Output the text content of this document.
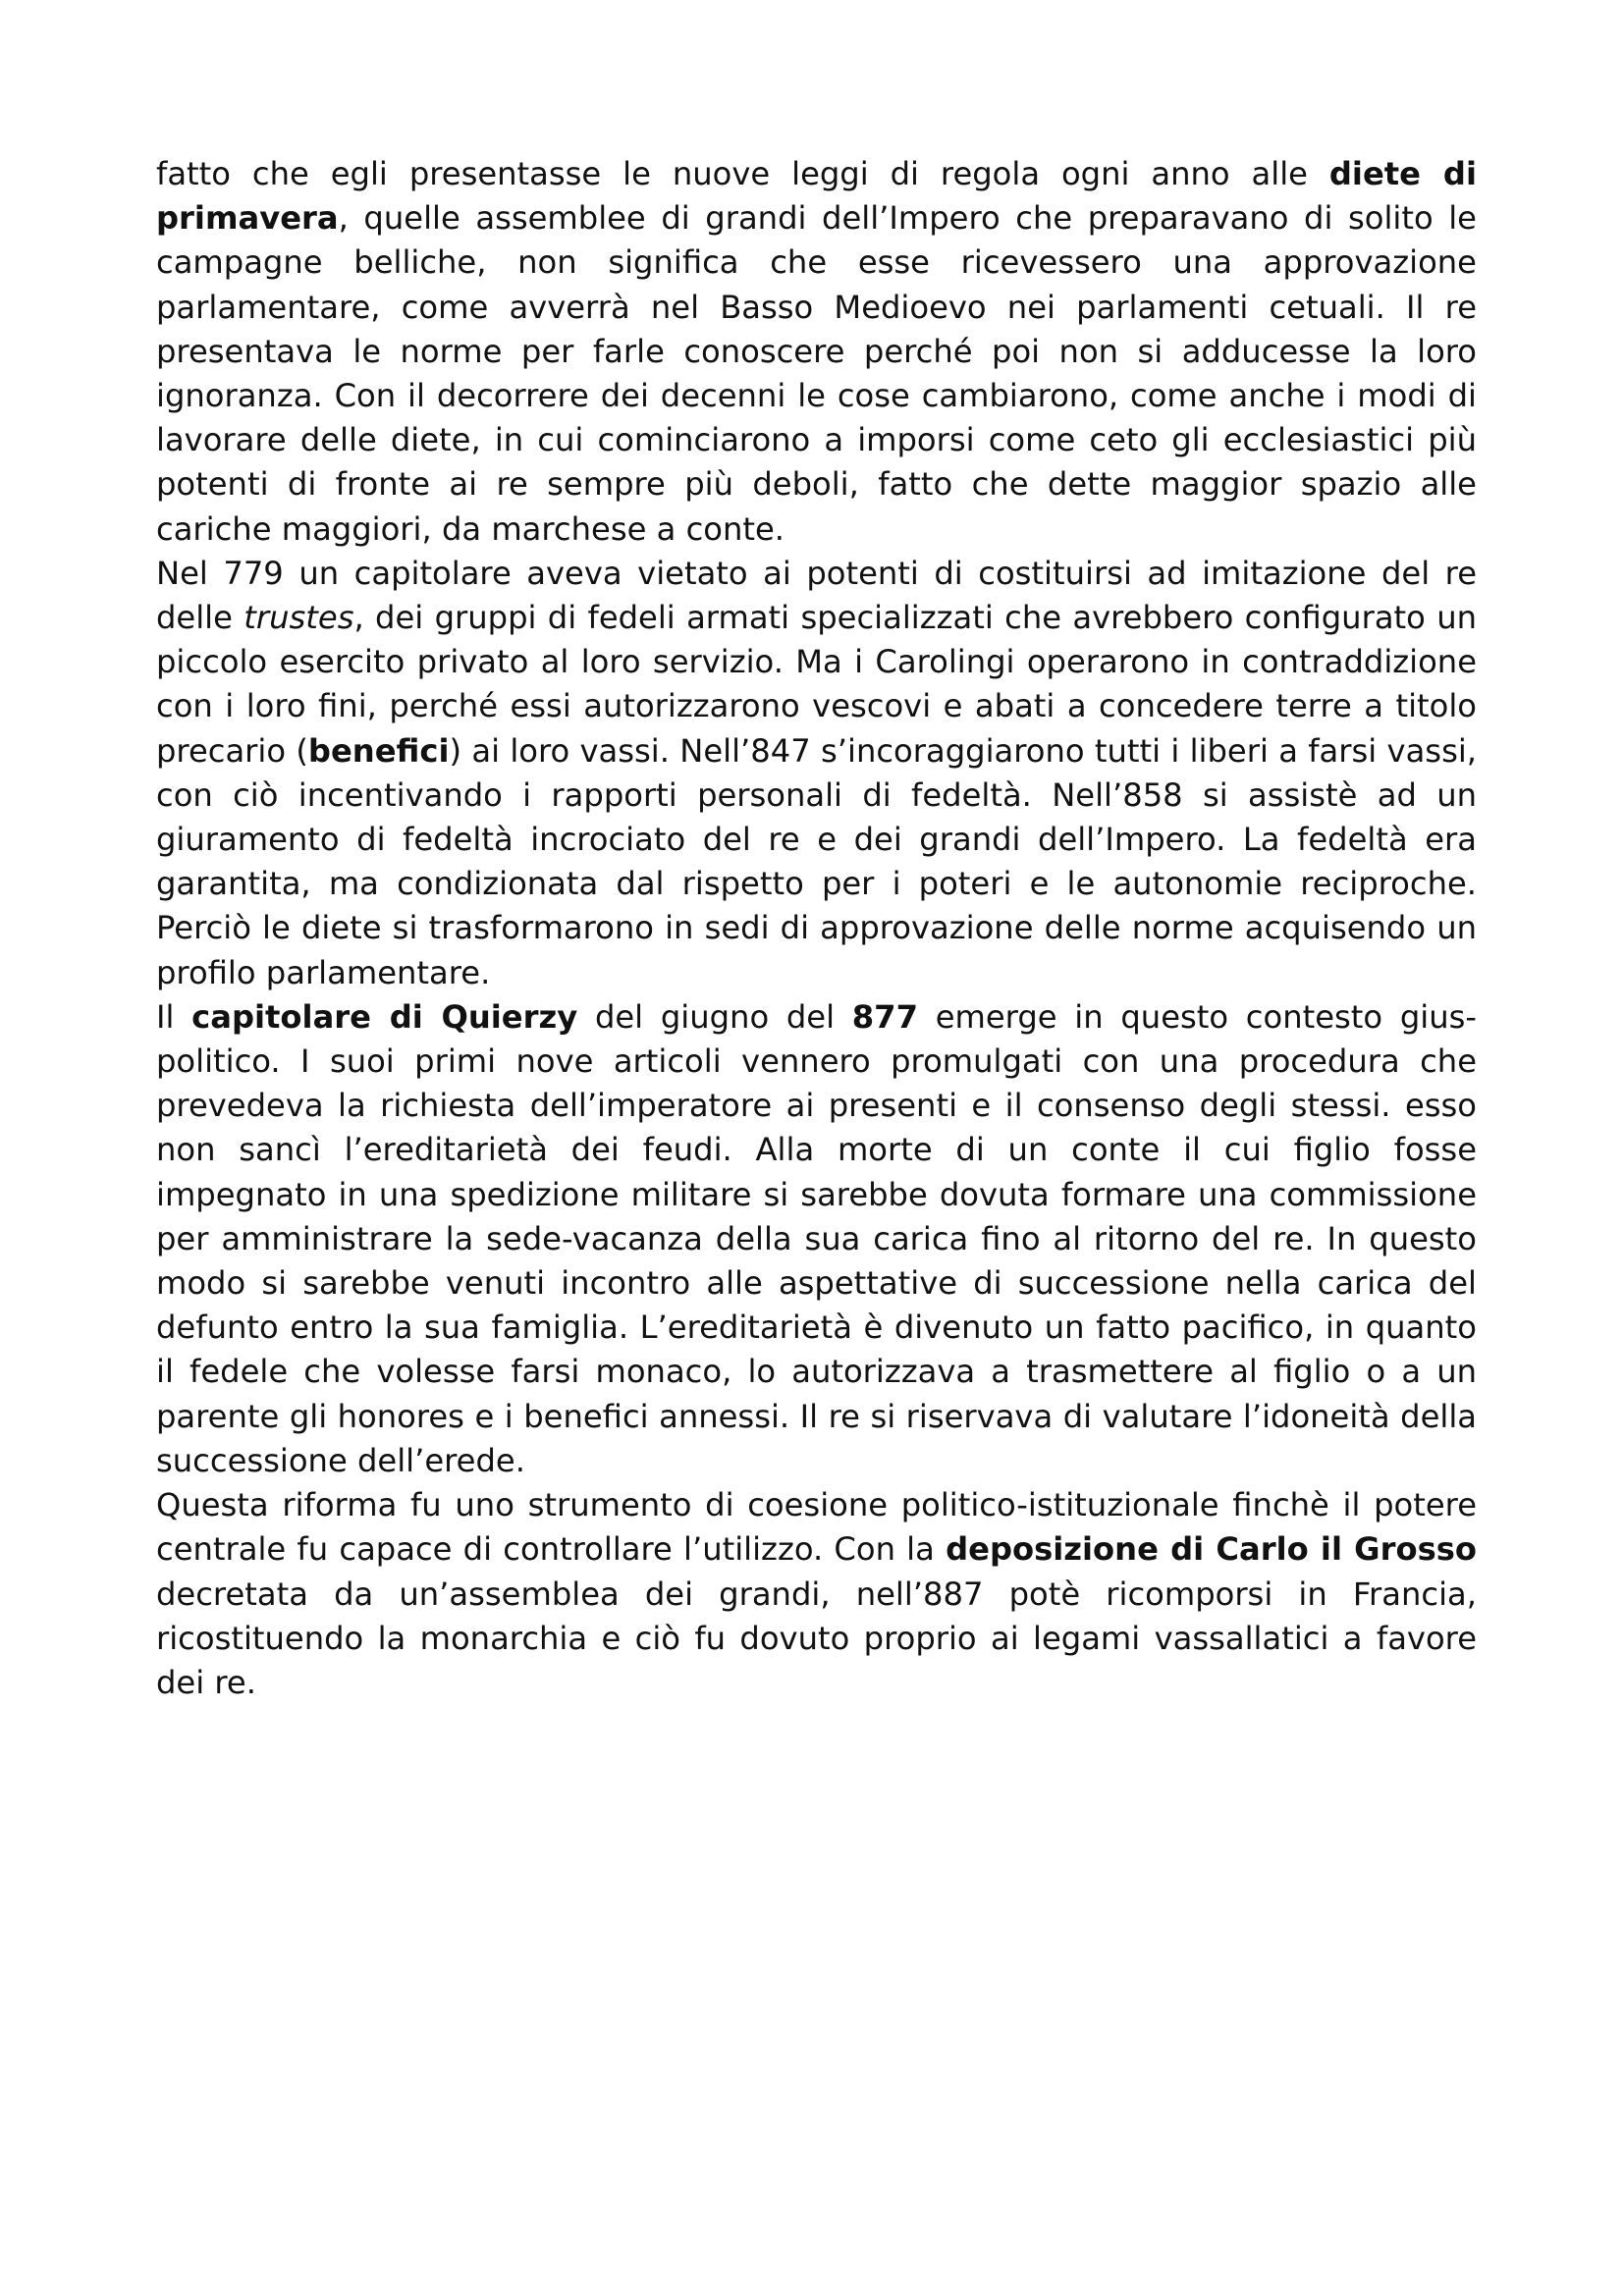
fatto che egli presentasse le nuove leggi di regola ogni anno alle diete di primavera, quelle assemblee di grandi dell’Impero che preparavano di solito le campagne belliche, non significa che esse ricevessero una approvazione parlamentare, come avverrà nel Basso Medioevo nei parlamenti cetuali. Il re presentava le norme per farle conoscere perché poi non si adducesse la loro ignoranza. Con il decorrere dei decenni le cose cambiarono, come anche i modi di lavorare delle diete, in cui cominciarono a imporsi come ceto gli ecclesiastici più potenti di fronte ai re sempre più deboli, fatto che dette maggior spazio alle cariche maggiori, da marchese a conte.

Nel 779 un capitolare aveva vietato ai potenti di costituirsi ad imitazione del re delle trustes, dei gruppi di fedeli armati specializzati che avrebbero configurato un piccolo esercito privato al loro servizio. Ma i Carolingi operarono in contraddizione con i loro fini, perché essi autorizzarono vescovi e abati a concedere terre a titolo precario (benefici) ai loro vassi. Nell’847 s’incoraggiarono tutti i liberi a farsi vassi, con ciò incentivando i rapporti personali di fedeltà. Nell’858 si assistè ad un giuramento di fedeltà incrociato del re e dei grandi dell’Impero. La fedeltà era garantita, ma condizionata dal rispetto per i poteri e le autonomie reciproche. Perciò le diete si trasformarono in sedi di approvazione delle norme acquisendo un profilo parlamentare.

Il capitolare di Quierzy del giugno del 877 emerge in questo contesto gius-politico. I suoi primi nove articoli vennero promulgati con una procedura che prevedeva la richiesta dell’imperatore ai presenti e il consenso degli stessi. esso non sancì l’ereditarietà dei feudi. Alla morte di un conte il cui figlio fosse impegnato in una spedizione militare si sarebbe dovuta formare una commissione per amministrare la sede-vacanza della sua carica fino al ritorno del re. In questo modo si sarebbe venuti incontro alle aspettative di successione nella carica del defunto entro la sua famiglia. L’ereditarietà è divenuto un fatto pacifico, in quanto il fedele che volesse farsi monaco, lo autorizzava a trasmettere al figlio o a un parente gli honores e i benefici annessi. Il re si riservava di valutare l’idoneità della successione dell’erede.

Questa riforma fu uno strumento di coesione politico-istituzionale finchè il potere centrale fu capace di controllare l’utilizzo. Con la deposizione di Carlo il Grosso decretata da un’assemblea dei grandi, nell’887 potè ricomporsi in Francia, ricostituendo la monarchia e ciò fu dovuto proprio ai legami vassallatici a favore dei re.
